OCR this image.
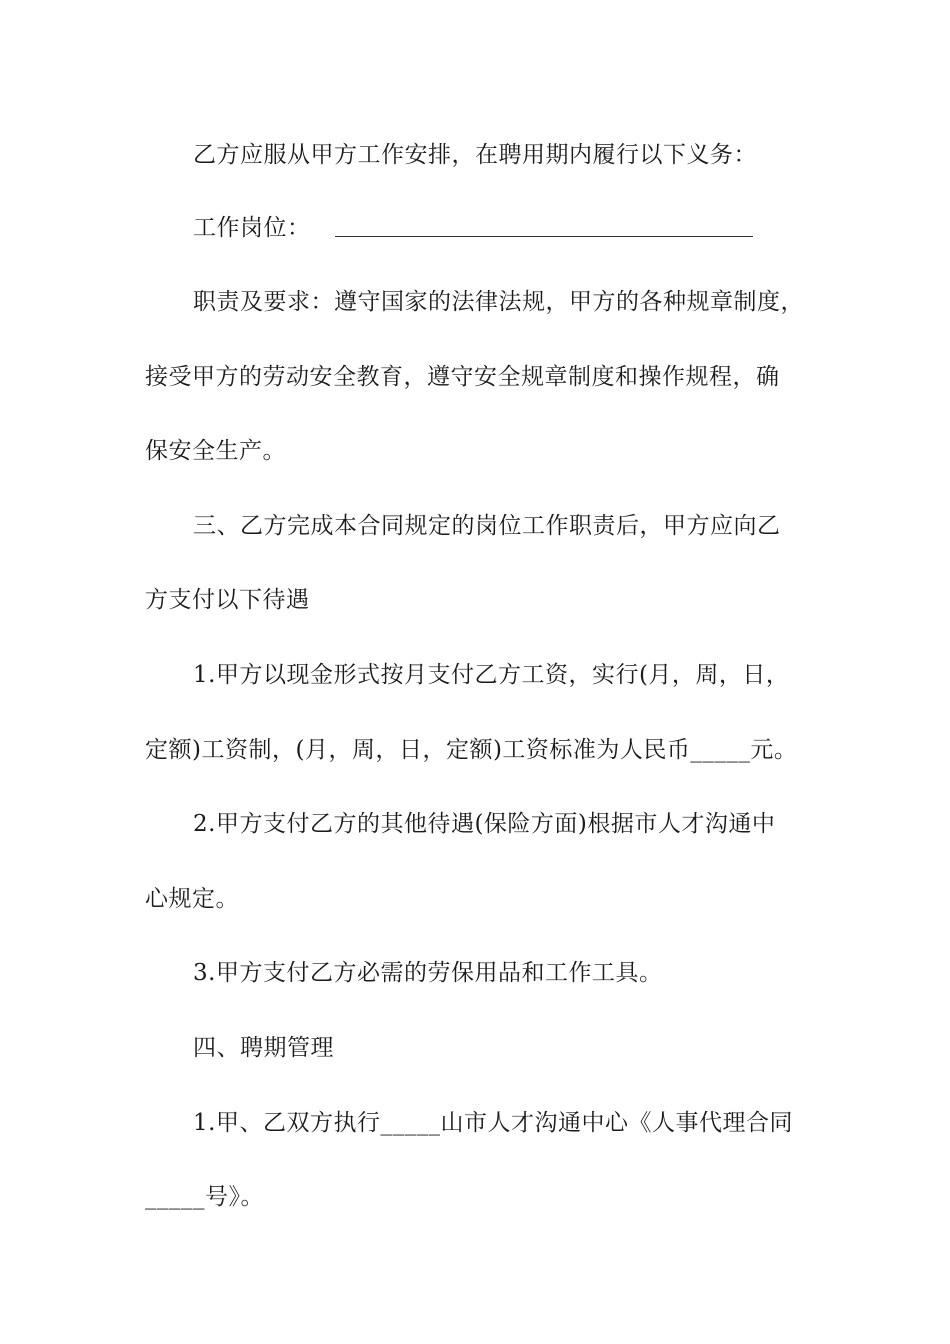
乙方应服从甲方工作安排，在聘用期内履行以下义务：
工作岗位：
职责及要求：遵守国家的法律法规，甲方的各种规章制度，
接受甲方的劳动安全教育，遵守安全规章制度和操作规程，确
保安全生产。
三、乙方完成本合同规定的岗位工作职责后，甲方应向乙
方支付以下待遇
1.甲方以现金形式按月支付乙方工资，实行(月，周，日，
定额)工资制，(月，周，日，定额)工资标准为人民币_____元。
2.甲方支付乙方的其他待遇(保险方面)根据市人才沟通中
心规定。
3.甲方支付乙方必需的劳保用品和工作工具。
四、聘期管理
1.甲、乙双方执行_____山市人才沟通中心《人事代理合同
_____号》。
